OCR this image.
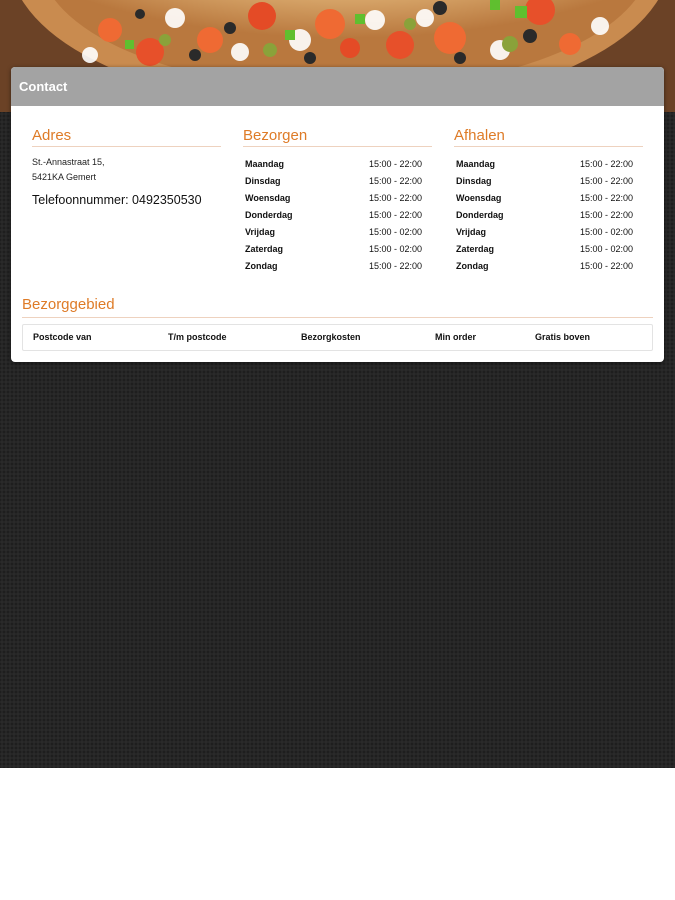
Contact
Adres
St.-Annastraat 15,
5421KA Gemert
Telefoonnummer: 0492350530
Bezorgen
Maandag	15:00 - 22:00
Dinsdag	15:00 - 22:00
Woensdag	15:00 - 22:00
Donderdag	15:00 - 22:00
Vrijdag	15:00 - 02:00
Zaterdag	15:00 - 02:00
Zondag	15:00 - 22:00
Afhalen
Maandag	15:00 - 22:00
Dinsdag	15:00 - 22:00
Woensdag	15:00 - 22:00
Donderdag	15:00 - 22:00
Vrijdag	15:00 - 02:00
Zaterdag	15:00 - 02:00
Zondag	15:00 - 22:00
Bezorggebied
Postcode van	T/m postcode	Bezorgkosten	Min order	Gratis boven
